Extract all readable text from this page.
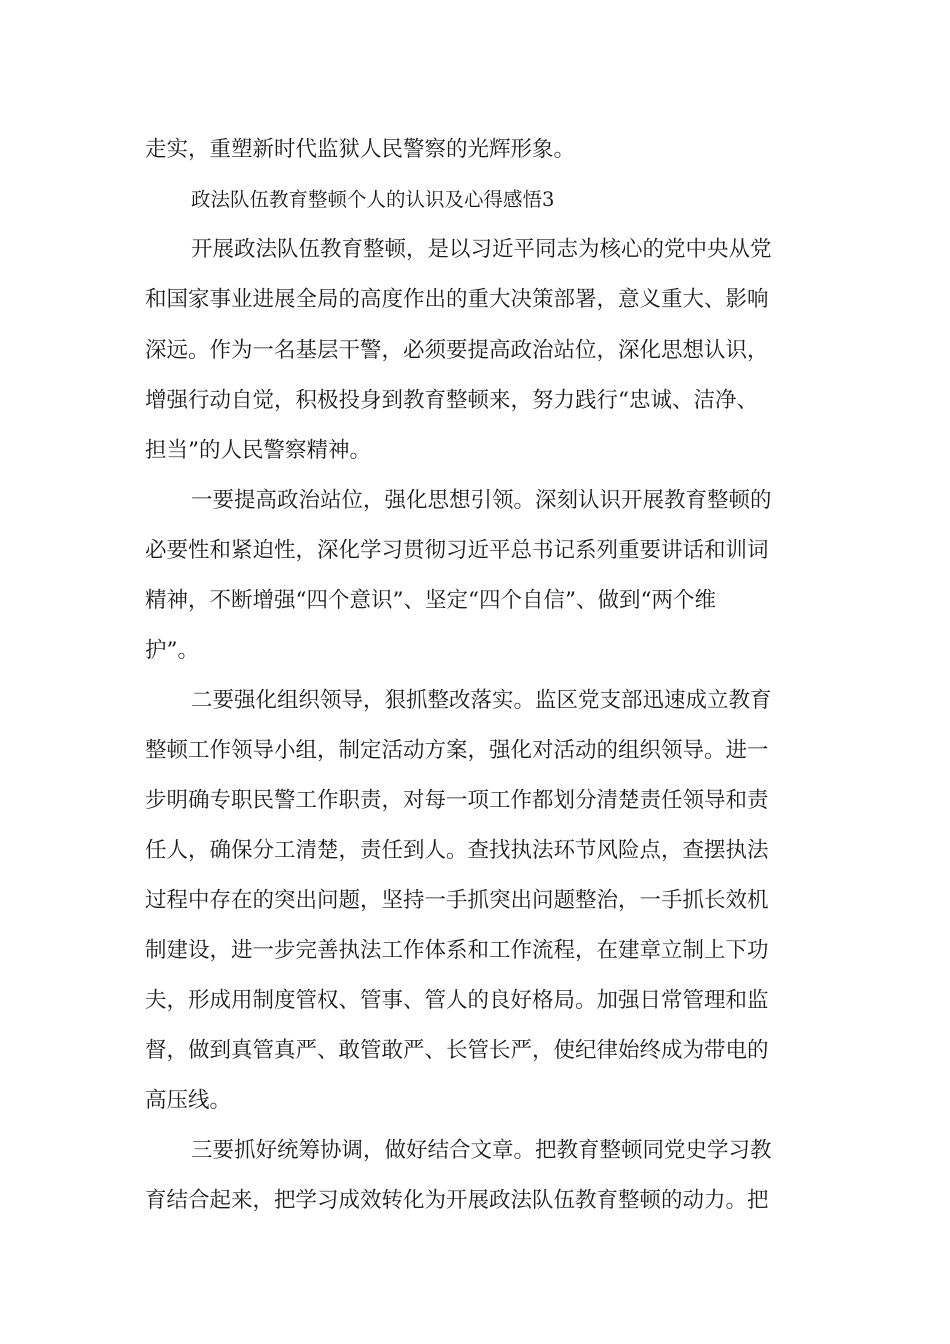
走实，重塑新时代监狱人民警察的光辉形象。
政法队伍教育整顿个人的认识及心得感悟3
开展政法队伍教育整顿，是以习近平同志为核心的党中央从党
和国家事业进展全局的高度作出的重大决策部署，意义重大、影响
深远。作为一名基层干警，必须要提高政治站位，深化思想认识，
增强行动自觉，积极投身到教育整顿来，努力践行“忠诚、洁净、
担当”的人民警察精神。
一要提高政治站位，强化思想引领。深刻认识开展教育整顿的
必要性和紧迫性，深化学习贯彻习近平总书记系列重要讲话和训词
精神，不断增强“四个意识”、坚定“四个自信”、做到“两个维
护”。
二要强化组织领导，狠抓整改落实。监区党支部迅速成立教育
整顿工作领导小组，制定活动方案，强化对活动的组织领导。进一
步明确专职民警工作职责，对每一项工作都划分清楚责任领导和责
任人，确保分工清楚，责任到人。查找执法环节风险点，查摆执法
过程中存在的突出问题，坚持一手抓突出问题整治，一手抓长效机
制建设，进一步完善执法工作体系和工作流程，在建章立制上下功
夫，形成用制度管权、管事、管人的良好格局。加强日常管理和监
督，做到真管真严、敢管敢严、长管长严，使纪律始终成为带电的
高压线。
三要抓好统筹协调，做好结合文章。把教育整顿同党史学习教
育结合起来，把学习成效转化为开展政法队伍教育整顿的动力。把
